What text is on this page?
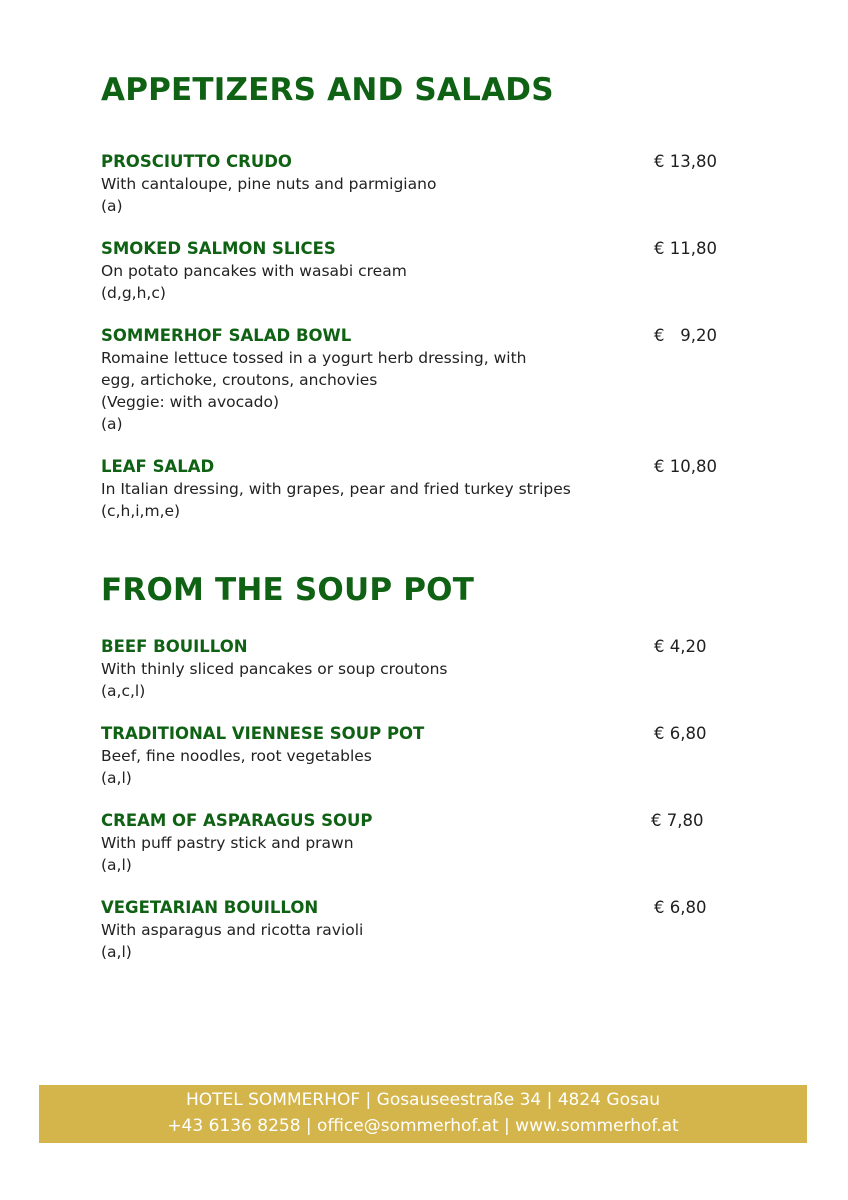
APPETIZERS AND SALADS
PROSCIUTTO CRUDO	€ 13,80
With cantaloupe, pine nuts and parmigiano
(a)
SMOKED SALMON SLICES	€ 11,80
On potato pancakes with wasabi cream
(d,g,h,c)
SOMMERHOF SALAD BOWL	€   9,20
Romaine lettuce tossed in a yogurt herb dressing, with
egg, artichoke, croutons, anchovies
(Veggie: with avocado)
(a)
LEAF SALAD	€ 10,80
In Italian dressing, with grapes, pear and fried turkey stripes
(c,h,i,m,e)
FROM THE SOUP POT
BEEF BOUILLON	€ 4,20
With thinly sliced pancakes or soup croutons
(a,c,l)
TRADITIONAL VIENNESE SOUP POT	€ 6,80
Beef, fine noodles, root vegetables
(a,l)
CREAM OF ASPARAGUS SOUP	€ 7,80
With puff pastry stick and prawn
(a,l)
VEGETARIAN BOUILLON	€ 6,80
With asparagus and ricotta ravioli
(a,l)
HOTEL SOMMERHOF | Gosauseestraße 34 | 4824 Gosau
+43 6136 8258 | office@sommerhof.at | www.sommerhof.at
